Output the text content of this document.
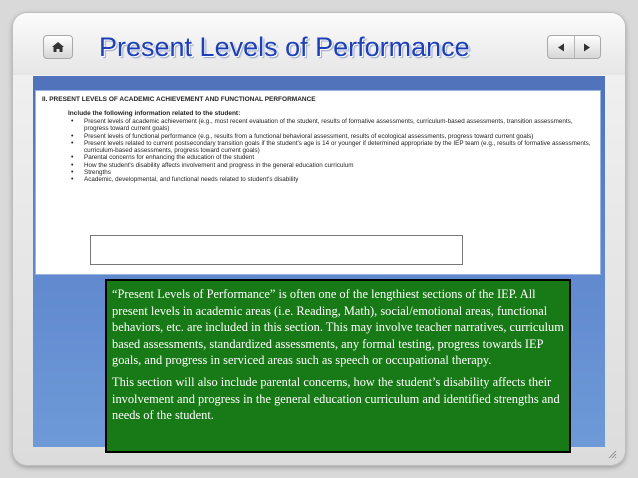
Present Levels of Performance
II. PRESENT LEVELS OF ACADEMIC ACHIEVEMENT AND FUNCTIONAL PERFORMANCE
Include the following information related to the student:
• Present levels of academic achievement (e.g., most recent evaluation of the student, results of formative assessments, curriculum-based assessments, transition assessments, progress toward current goals)
• Present levels of functional performance (e.g., results from a functional behavioral assessment, results of ecological assessments, progress toward current goals)
• Present levels related to current postsecondary transition goals if the student's age is 14 or younger if determined appropriate by the IEP team (e.g., results of formative assessments, curriculum-based assessments, progress toward current goals)
• Parental concerns for enhancing the education of the student
• How the student's disability affects involvement and progress in the general education curriculum
• Strengths
• Academic, developmental, and functional needs related to student's disability

“Present Levels of Performance” is often one of the lengthiest sections of the IEP. All present levels in academic areas (i.e. Reading, Math), social/emotional areas, functional behaviors, etc. are included in this section. This may involve teacher narratives, curriculum based assessments, standardized assessments, any formal testing, progress towards IEP goals, and progress in serviced areas such as speech or occupational therapy.

This section will also include parental concerns, how the student’s disability affects their involvement and progress in the general education curriculum and identified strengths and needs of the student.
